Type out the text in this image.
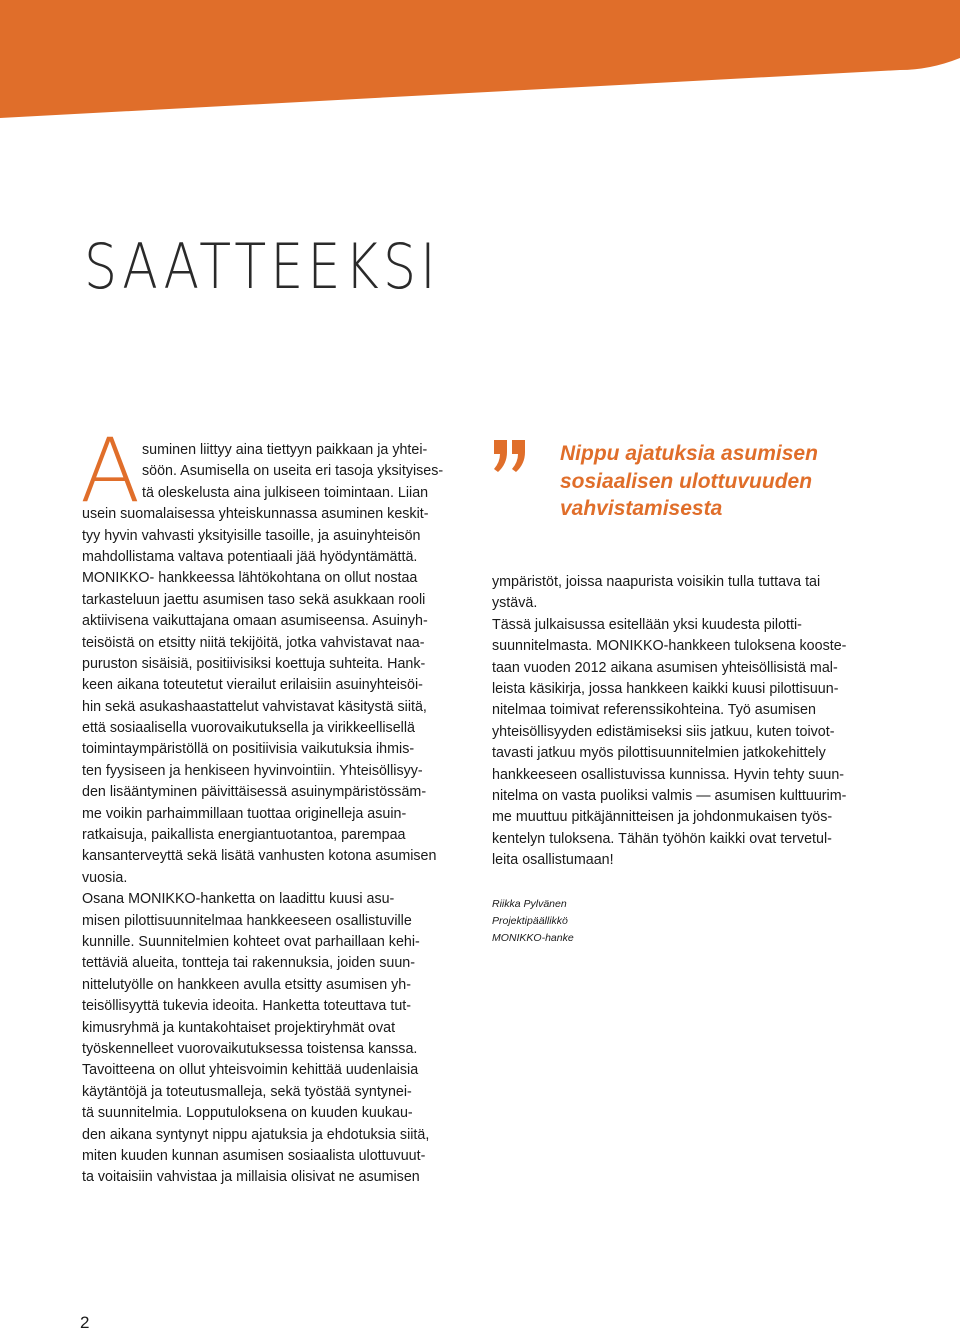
SAATTEEKSI
A suminen liittyy aina tiettyyn paikkaan ja yhtei-
söön. Asumisella on useita eri tasoja yksityises-
tä oleskelusta aina julkiseen toimintaan. Liian
usein suomalaisessa yhteiskunnassa asuminen keskit-
tyy hyvin vahvasti yksityisille tasoille, ja asuinyhteisön
mahdollistama valtava potentiaali jää hyödyntämättä.
MONIKKO- hankkeessa lähtökohtana on ollut nostaa
tarkasteluun jaettu asumisen taso sekä asukkaan rooli
aktiivisena vaikuttajana omaan asumiseensa. Asuinyh-
teisöistä on etsitty niitä tekijöitä, jotka vahvistavat naa-
puruston sisäisiä, positiivisiksi koettuja suhteita. Hank-
keen aikana toteutetut vierailut erilaisiin asuinyhteisöi-
hin sekä asukashaastattelut vahvistavat käsitystä siitä,
että sosiaalisella vuorovaikutuksella ja virikkeellisellä
toimintaympäristöllä on positiivisia vaikutuksia ihmis-
ten fyysiseen ja henkiseen hyvinvointiin. Yhteisöllisyy-
den lisääntyminen päivittäisessä asuinympäristössäm-
me voikin parhaimmillaan tuottaa originelleja asuin-
ratkaisuja, paikallista energiantuotantoa, parempaa
kansanterveyttä sekä lisätä vanhusten kotona asumisen
vuosia.
Osana MONIKKO-hanketta on laadittu kuusi asu-
misen pilottisuunnitelmaa hankkeeseen osallistuville
kunnille. Suunnitelmien kohteet ovat parhaillaan kehi-
tettäviä alueita, tontteja tai rakennuksia, joiden suun-
nittelutyölle on hankkeen avulla etsitty asumisen yh-
teisöllisyyttä tukevia ideoita. Hanketta toteuttava tut-
kimusryhmä ja kuntakohtaiset projektiryhmät ovat
työskennelleet vuorovaikutuksessa toistensa kanssa.
Tavoitteena on ollut yhteisvoimin kehittää uudenlaisia
käytäntöjä ja toteutusmalleja, sekä työstää syntynei-
tä suunnitelmia. Lopputuloksena on kuuden kuukau-
den aikana syntynyt nippu ajatuksia ja ehdotuksia siitä,
miten kuuden kunnan asumisen sosiaalista ulottuvuut-
ta voitaisiin vahvistaa ja millaisia olisivat ne asumisen
Nippu ajatuksia asumisen
sosiaalisen ulottuvuuden
vahvistamisesta
ympäristöt, joissa naapurista voisikin tulla tuttava tai
ystävä.
Tässä julkaisussa esitellään yksi kuudesta pilotti-
suunnitelmasta. MONIKKO-hankkeen tuloksena kooste-
taan vuoden 2012 aikana asumisen yhteisöllisistä mal-
leista käsikirja, jossa hankkeen kaikki kuusi pilottisuun-
nitelmaa toimivat referenssikohteina. Työ asumisen
yhteisöllisyyden edistämiseksi siis jatkuu, kuten toivot-
tavasti jatkuu myös pilottisuunnitelmien jatkokehittely
hankkeeseen osallistuvissa kunnissa. Hyvin tehty suun-
nitelma on vasta puoliksi valmis — asumisen kulttuurim-
me muuttuu pitkäjännitteisen ja johdonmukaisen työs-
kentelyn tuloksena. Tähän työhön kaikki ovat tervetul-
leita osallistumaan!
Riikka Pylvänen
Projektipäällikkö
MONIKKO-hanke
2
